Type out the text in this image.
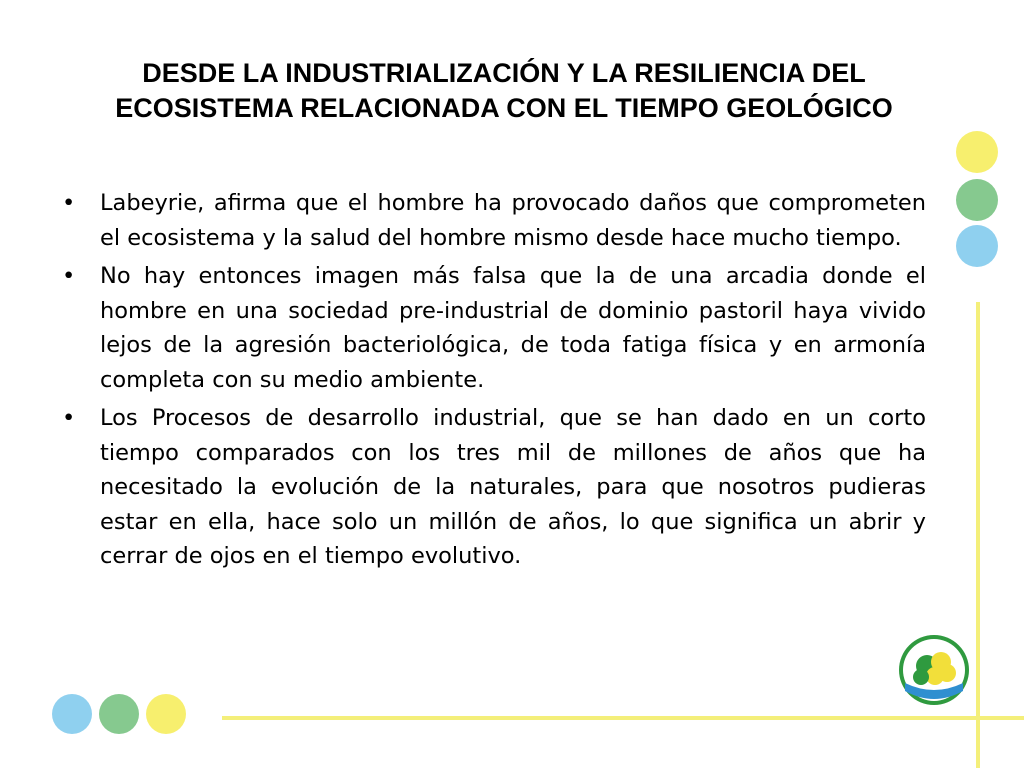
DESDE LA INDUSTRIALIZACIÓN Y LA RESILIENCIA DEL
ECOSISTEMA RELACIONADA CON EL TIEMPO GEOLÓGICO
• Labeyrie, afirma que el hombre ha provocado daños que comprometen el ecosistema y la salud del hombre mismo desde hace mucho tiempo.
• No hay entonces imagen más falsa que la de una arcadia donde el hombre en una sociedad pre-industrial de dominio pastoril haya vivido lejos de la agresión bacteriológica, de toda fatiga física y en armonía completa con su medio ambiente.
• Los Procesos de desarrollo industrial, que se han dado en un corto tiempo comparados con los tres mil de millones de años que ha necesitado la evolución de la naturales, para que nosotros pudieras estar en ella, hace solo un millón de años, lo que significa un abrir y cerrar de ojos en el tiempo evolutivo.
